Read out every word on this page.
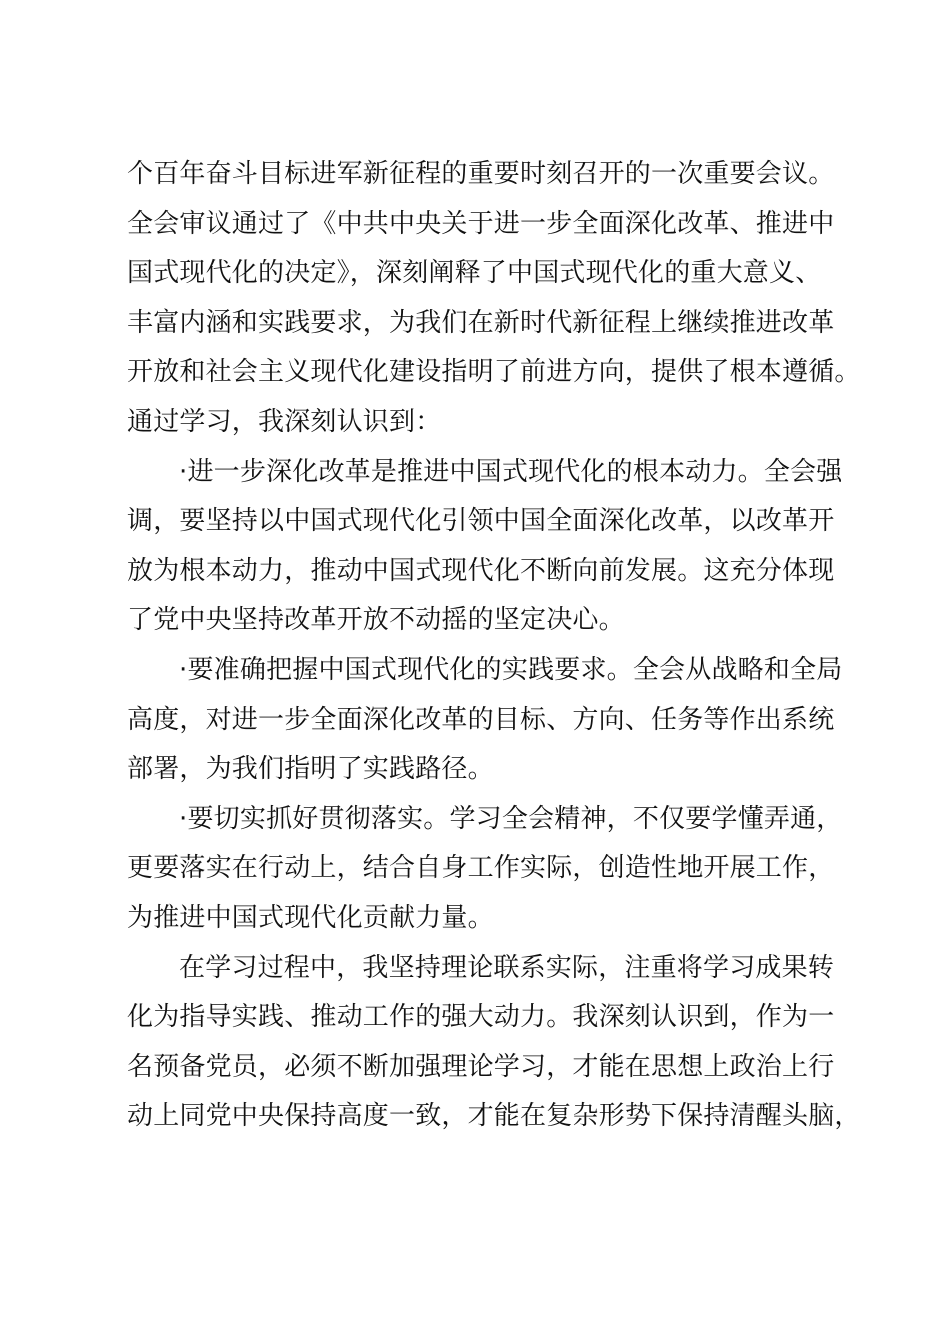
个百年奋斗目标进军新征程的重要时刻召开的一次重要会议。
全会审议通过了《中共中央关于进一步全面深化改革、推进中
国式现代化的决定》，深刻阐释了中国式现代化的重大意义、
丰富内涵和实践要求，为我们在新时代新征程上继续推进改革
开放和社会主义现代化建设指明了前进方向，提供了根本遵循。
通过学习，我深刻认识到：
·进一步深化改革是推进中国式现代化的根本动力。全会强
调，要坚持以中国式现代化引领中国全面深化改革，以改革开
放为根本动力，推动中国式现代化不断向前发展。这充分体现
了党中央坚持改革开放不动摇的坚定决心。
·要准确把握中国式现代化的实践要求。全会从战略和全局
高度，对进一步全面深化改革的目标、方向、任务等作出系统
部署，为我们指明了实践路径。
·要切实抓好贯彻落实。学习全会精神，不仅要学懂弄通，
更要落实在行动上，结合自身工作实际，创造性地开展工作，
为推进中国式现代化贡献力量。
在学习过程中，我坚持理论联系实际，注重将学习成果转
化为指导实践、推动工作的强大动力。我深刻认识到，作为一
名预备党员，必须不断加强理论学习，才能在思想上政治上行
动上同党中央保持高度一致，才能在复杂形势下保持清醒头脑，
